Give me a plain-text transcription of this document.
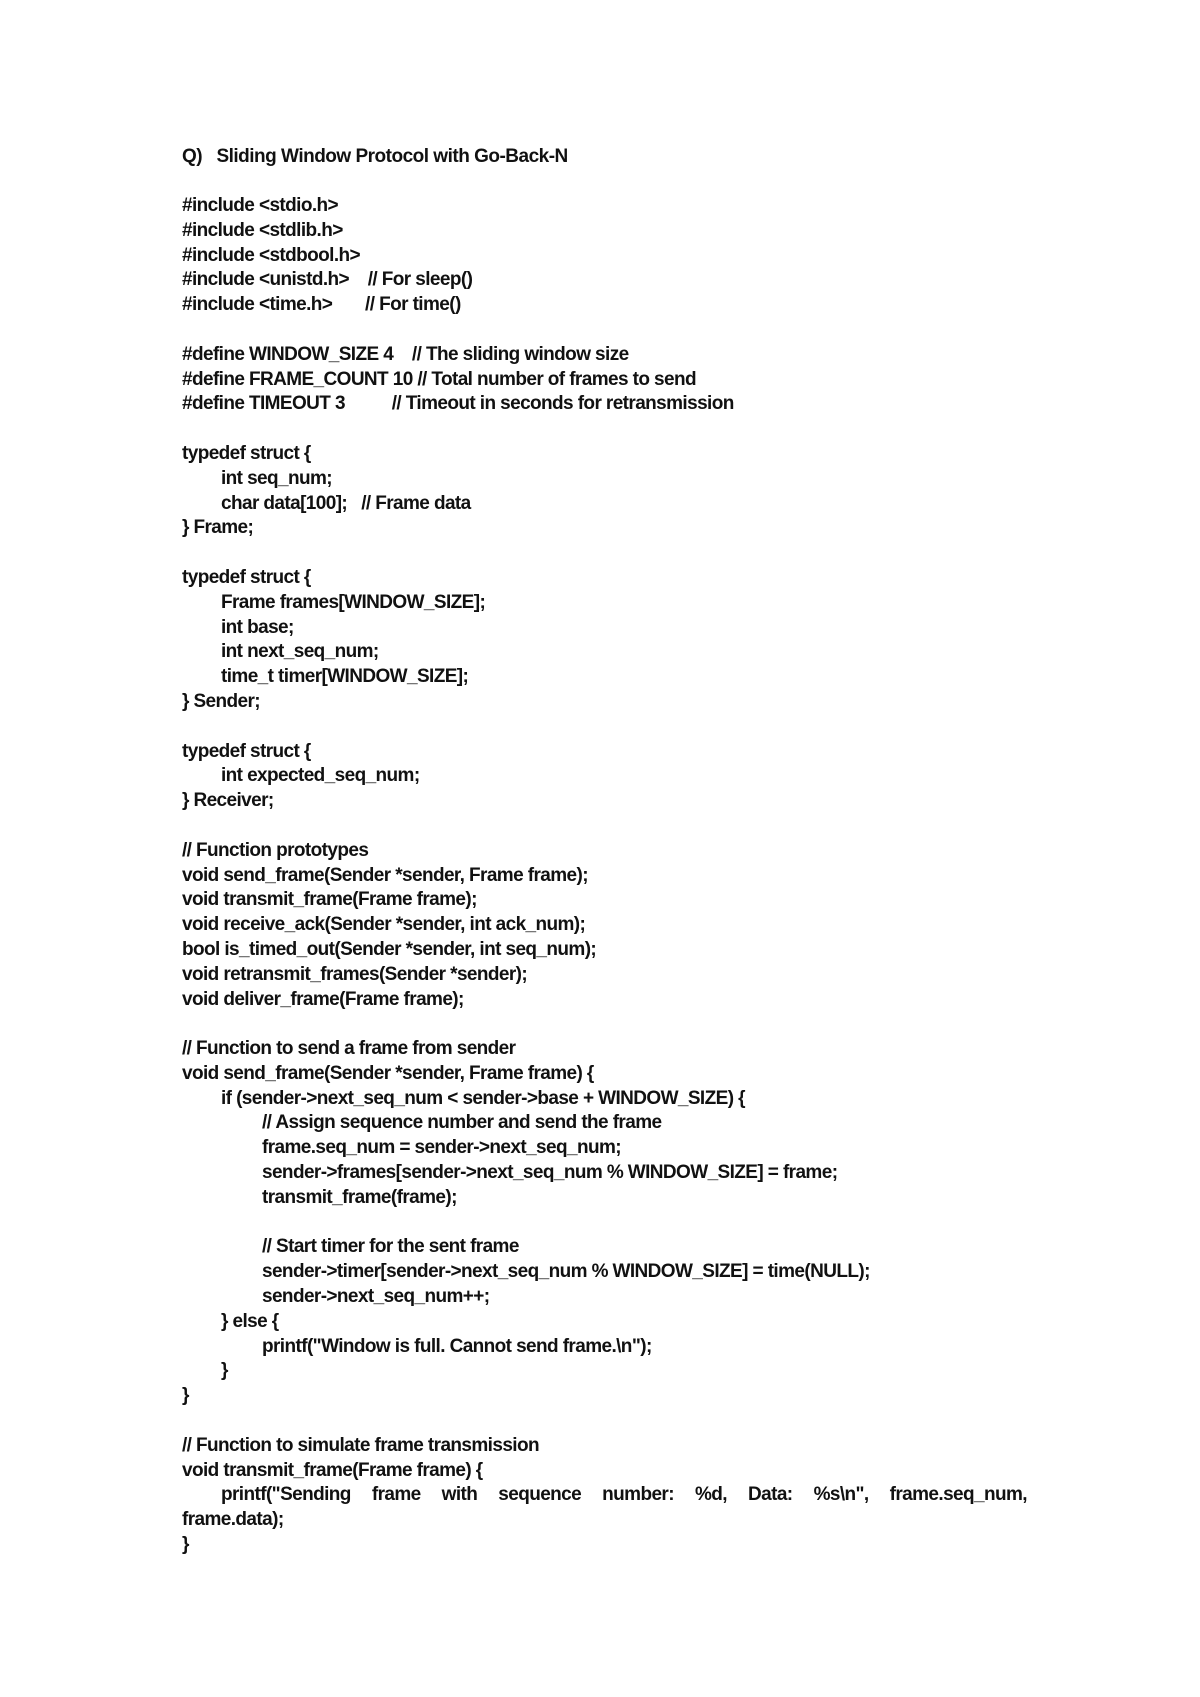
Q)   Sliding Window Protocol with Go-Back-N
#include <stdio.h>
#include <stdlib.h>
#include <stdbool.h>
#include <unistd.h>    // For sleep()
#include <time.h>       // For time()
#define WINDOW_SIZE 4    // The sliding window size
#define FRAME_COUNT 10 // Total number of frames to send
#define TIMEOUT 3          // Timeout in seconds for retransmission
typedef struct {
int seq_num;
char data[100];   // Frame data
} Frame;
typedef struct {
Frame frames[WINDOW_SIZE];
int base;
int next_seq_num;
time_t timer[WINDOW_SIZE];
} Sender;
typedef struct {
int expected_seq_num;
} Receiver;
// Function prototypes
void send_frame(Sender *sender, Frame frame);
void transmit_frame(Frame frame);
void receive_ack(Sender *sender, int ack_num);
bool is_timed_out(Sender *sender, int seq_num);
void retransmit_frames(Sender *sender);
void deliver_frame(Frame frame);
// Function to send a frame from sender
void send_frame(Sender *sender, Frame frame) {
if (sender->next_seq_num < sender->base + WINDOW_SIZE) {
// Assign sequence number and send the frame
frame.seq_num = sender->next_seq_num;
sender->frames[sender->next_seq_num % WINDOW_SIZE] = frame;
transmit_frame(frame);
// Start timer for the sent frame
sender->timer[sender->next_seq_num % WINDOW_SIZE] = time(NULL);
sender->next_seq_num++;
} else {
printf("Window is full. Cannot send frame.\n");
}
}
// Function to simulate frame transmission
void transmit_frame(Frame frame) {
printf("Sending frame with sequence number: %d, Data: %s\n", frame.seq_num,
frame.data);
}
